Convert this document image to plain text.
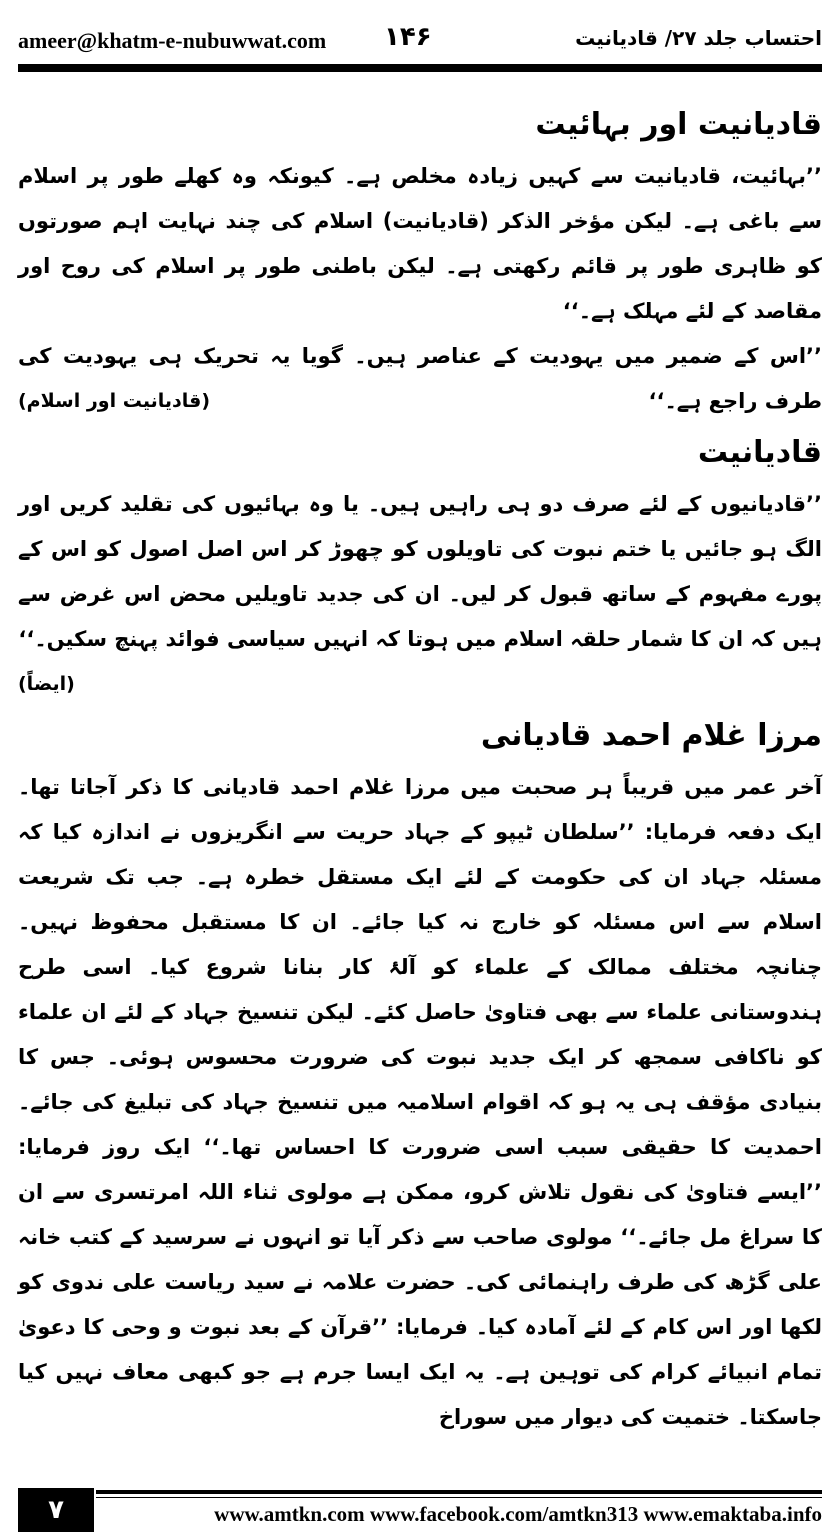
ameer@khatm-e-nubuwwat.com ۱۴۶	احتساب جلد ۲۷/ قادیانیت
قادیانیت اور بہائیت

’’بہائیت، قادیانیت سے کہیں زیادہ مخلص ہے۔ کیونکہ وہ کھلے طور پر اسلام سے باغی ہے۔ لیکن مؤخر الذکر (قادیانیت) اسلام کی چند نہایت اہم صورتوں کو ظاہری طور پر قائم رکھتی ہے۔ لیکن باطنی طور پر اسلام کی روح اور مقاصد کے لئے مہلک ہے۔‘‘

’’اس کے ضمیر میں یہودیت کے عناصر ہیں۔ گویا یہ تحریک ہی یہودیت کی طرف راجع ہے۔‘‘
(قادیانیت اور اسلام)

قادیانیت

’’قادیانیوں کے لئے صرف دو ہی راہیں ہیں۔ یا وہ بہائیوں کی تقلید کریں اور الگ ہو جائیں یا ختم نبوت کی تاویلوں کو چھوڑ کر اس اصل اصول کو اس کے پورے مفہوم کے ساتھ قبول کر لیں۔ ان کی جدید تاویلیں محض اس غرض سے ہیں کہ ان کا شمار حلقہ اسلام میں ہوتا کہ انہیں سیاسی فوائد پہنچ سکیں۔‘‘
(ایضاً)

مرزا غلام احمد قادیانی

آخر عمر میں قریباً ہر صحبت میں مرزا غلام احمد قادیانی کا ذکر آجاتا تھا۔ ایک دفعہ فرمایا: ’’سلطان ٹیپو کے جہاد حریت سے انگریزوں نے اندازہ کیا کہ مسئلہ جہاد ان کی حکومت کے لئے ایک مستقل خطرہ ہے۔ جب تک شریعت اسلام سے اس مسئلہ کو خارج نہ کیا جائے۔ ان کا مستقبل محفوظ نہیں۔ چنانچہ مختلف ممالک کے علماء کو آلۂ کار بنانا شروع کیا۔ اسی طرح ہندوستانی علماء سے بھی فتاویٰ حاصل کئے۔ لیکن تنسیخ جہاد کے لئے ان علماء کو ناکافی سمجھ کر ایک جدید نبوت کی ضرورت محسوس ہوئی۔ جس کا بنیادی مؤقف ہی یہ ہو کہ اقوام اسلامیہ میں تنسیخ جہاد کی تبلیغ کی جائے۔ احمدیت کا حقیقی سبب اسی ضرورت کا احساس تھا۔‘‘ ایک روز فرمایا: ’’ایسے فتاویٰ کی نقول تلاش کرو، ممکن ہے مولوی ثناء اللہ امرتسری سے ان کا سراغ مل جائے۔‘‘ مولوی صاحب سے ذکر آیا تو انہوں نے سرسید کے کتب خانہ علی گڑھ کی طرف راہنمائی کی۔ حضرت علامہ نے سید ریاست علی ندوی کو لکھا اور اس کام کے لئے آمادہ کیا۔ فرمایا: ’’قرآن کے بعد نبوت و وحی کا دعویٰ تمام انبیائے کرام کی توہین ہے۔ یہ ایک ایسا جرم ہے جو کبھی معاف نہیں کیا جاسکتا۔ ختمیت کی دیوار میں سوراخ

٧	www.amtkn.com www.facebook.com/amtkn313 www.emaktaba.info
